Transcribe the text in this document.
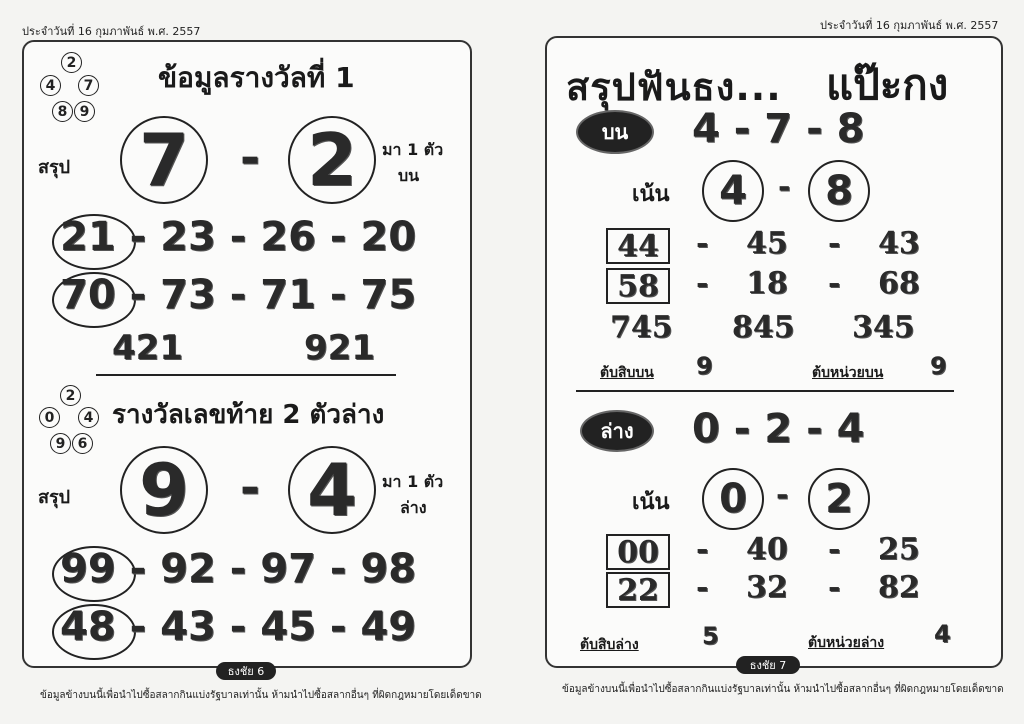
ประจำวันที่ 16 กุมภาพันธ์ พ.ศ. 2557
2
4	7
8 9
ข้อมูลรางวัลที่ 1
สรุป 7 - 2 มา 1 ตัว
บน
21 - 23 - 26 - 20
70 - 73 - 71 - 75
421	921
2
0	4
9 6
รางวัลเลขท้าย 2 ตัวล่าง
สรุป 9 - 4 มา 1 ตัว
ล่าง
99 - 92 - 97 - 98
48 - 43 - 45 - 49
ธงชัย 6
ข้อมูลข้างบนนี้เพื่อนำไปซื้อสลากกินแบ่งรัฐบาลเท่านั้น ห้ามนำไปซื้อสลากอื่นๆ ที่ผิดกฎหมายโดยเด็ดขาด
ประจำวันที่ 16 กุมภาพันธ์ พ.ศ. 2557
สรุปฟันธง... แป๊ะกง
บน	4 - 7 - 8
เน้น 4 - 8
44	- 45 - 43
58	- 18 - 68
745 845 345
ต้บสิบบน 9	ต้บหน่วยบน 9
ล่าง	0 - 2 - 4
เน้น 0 - 2
00	- 40 - 25
22	- 32 - 82
ต้บสิบล่าง	5	ต้บหน่วยล่าง 4
ธงชัย 7
ข้อมูลข้างบนนี้เพื่อนำไปซื้อสลากกินแบ่งรัฐบาลเท่านั้น ห้ามนำไปซื้อสลากอื่นๆ ที่ผิดกฎหมายโดยเด็ดขาด
